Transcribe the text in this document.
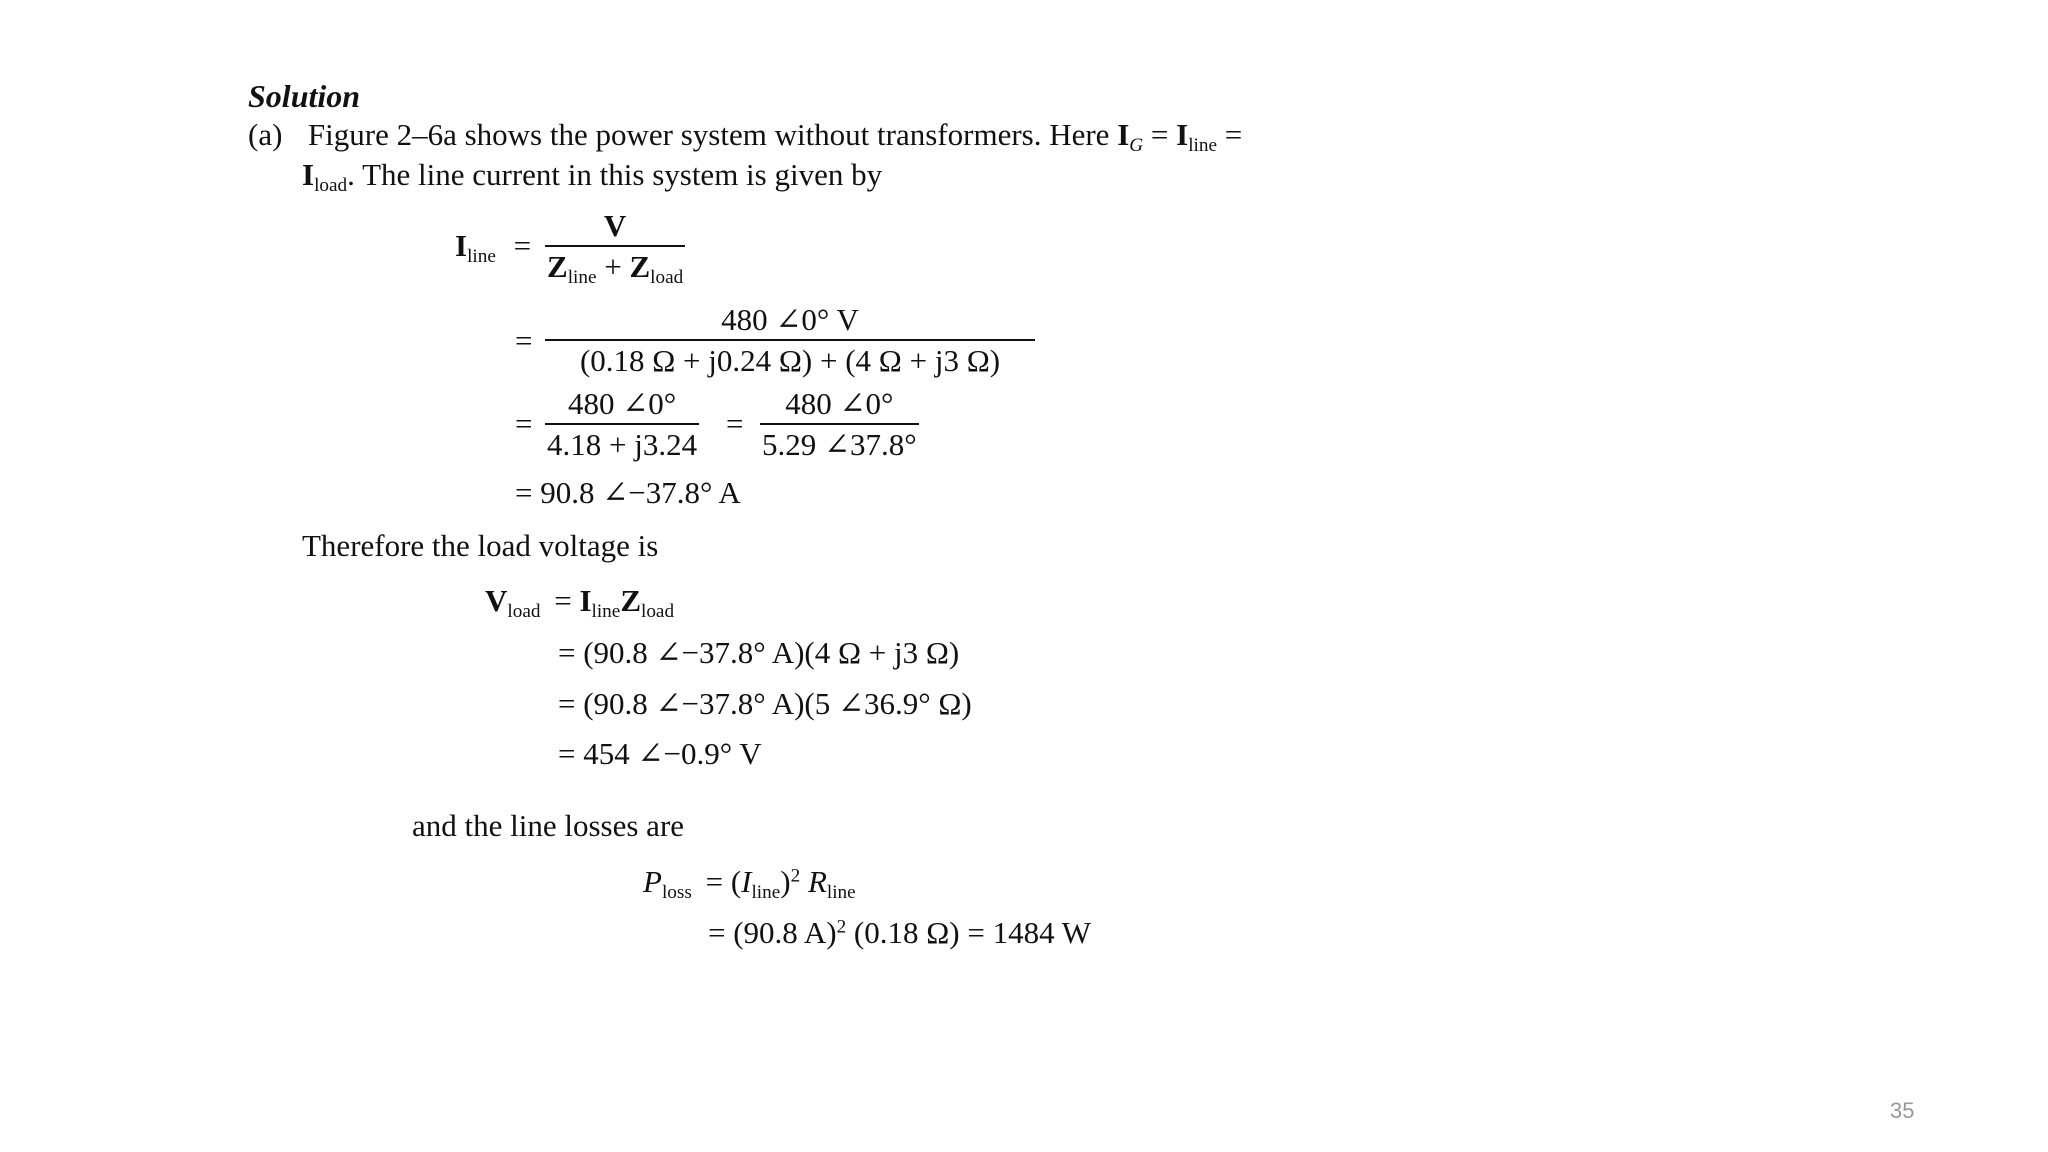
Solution
(a) Figure 2–6a shows the power system without transformers. Here $I_G = I_{line}$ =
$I_{load}$. The line current in this system is given by
$I_{line}$ =
V
$Z_{line} + Z_{load}$
=
480 ∠0° V
(0.18 Ω + j0.24 Ω) + (4 Ω + j3 Ω)
=
480 ∠0°
4.18 + j3.24
=
480 ∠0°
5.29 ∠37.8°
= 90.8 ∠−37.8° A
Therefore the load voltage is
$V_{load} = I_{line}Z_{load}$
= (90.8 ∠−37.8° A)(4 Ω + j3 Ω)
= (90.8 ∠−37.8° A)(5 ∠36.9° Ω)
= 454 ∠−0.9° V
and the line losses are
$P_{loss} = (I_{line})^2$ $R_{line}$
= (90.8 A)$^2$ (0.18 Ω) = 1484 W
35
